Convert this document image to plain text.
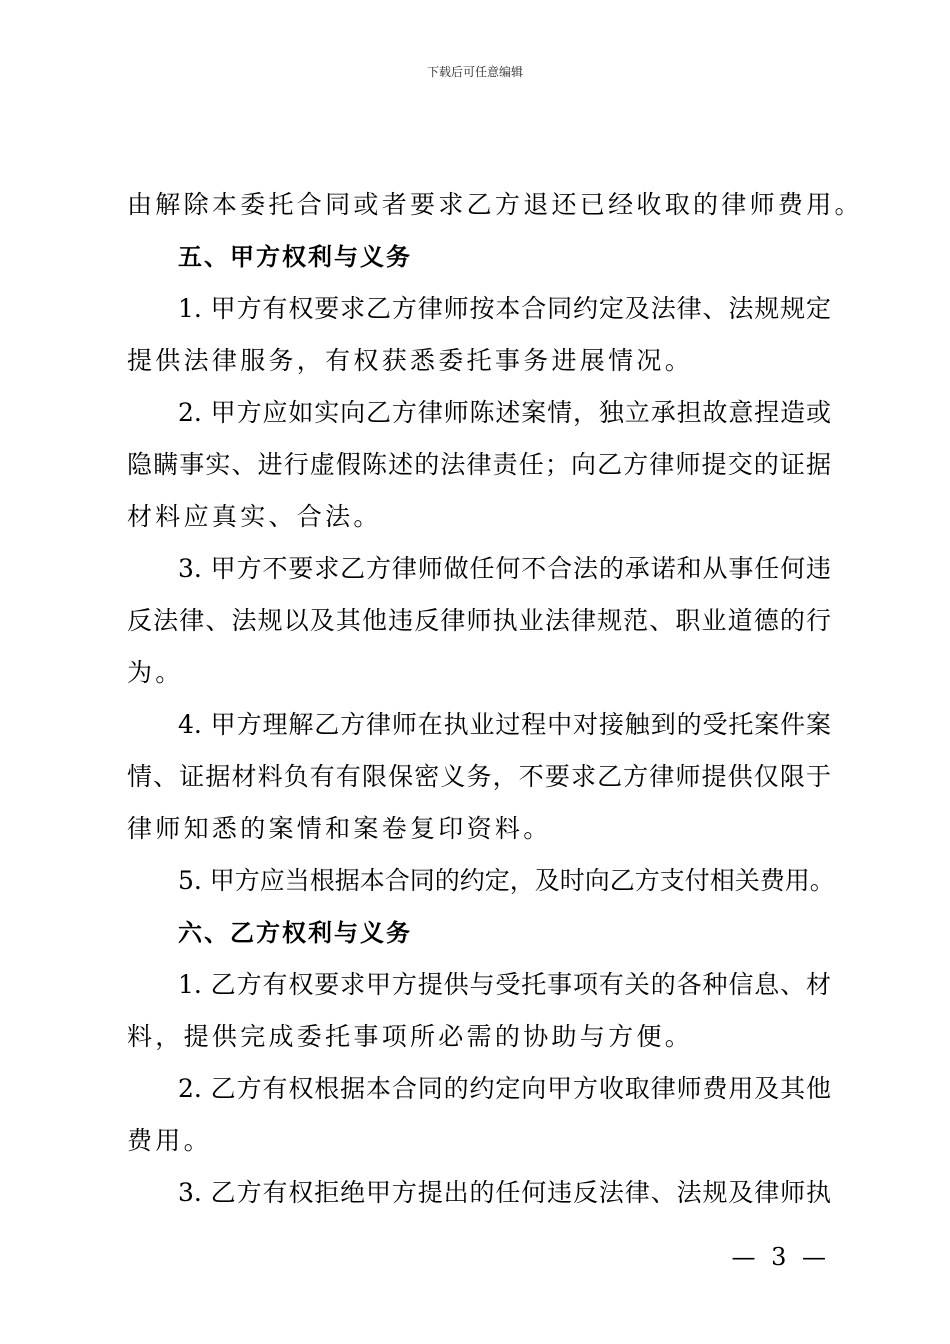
下载后可任意编辑
由解除本委托合同或者要求乙方退还已经收取的律师费用。
五、甲方权利与义务
1. 甲方有权要求乙方律师按本合同约定及法律、法规规定
提供法律服务，有权获悉委托事务进展情况。
2. 甲方应如实向乙方律师陈述案情，独立承担故意捏造或
隐瞒事实、进行虚假陈述的法律责任；向乙方律师提交的证据
材料应真实、合法。
3. 甲方不要求乙方律师做任何不合法的承诺和从事任何违
反法律、法规以及其他违反律师执业法律规范、职业道德的行
为。
4. 甲方理解乙方律师在执业过程中对接触到的受托案件案
情、证据材料负有有限保密义务，不要求乙方律师提供仅限于
律师知悉的案情和案卷复印资料。
5. 甲方应当根据本合同的约定，及时向乙方支付相关费用。
六、乙方权利与义务
1. 乙方有权要求甲方提供与受托事项有关的各种信息、材
料，提供完成委托事项所必需的协助与方便。
2. 乙方有权根据本合同的约定向甲方收取律师费用及其他
费用。
3. 乙方有权拒绝甲方提出的任何违反法律、法规及律师执
— 3 —
